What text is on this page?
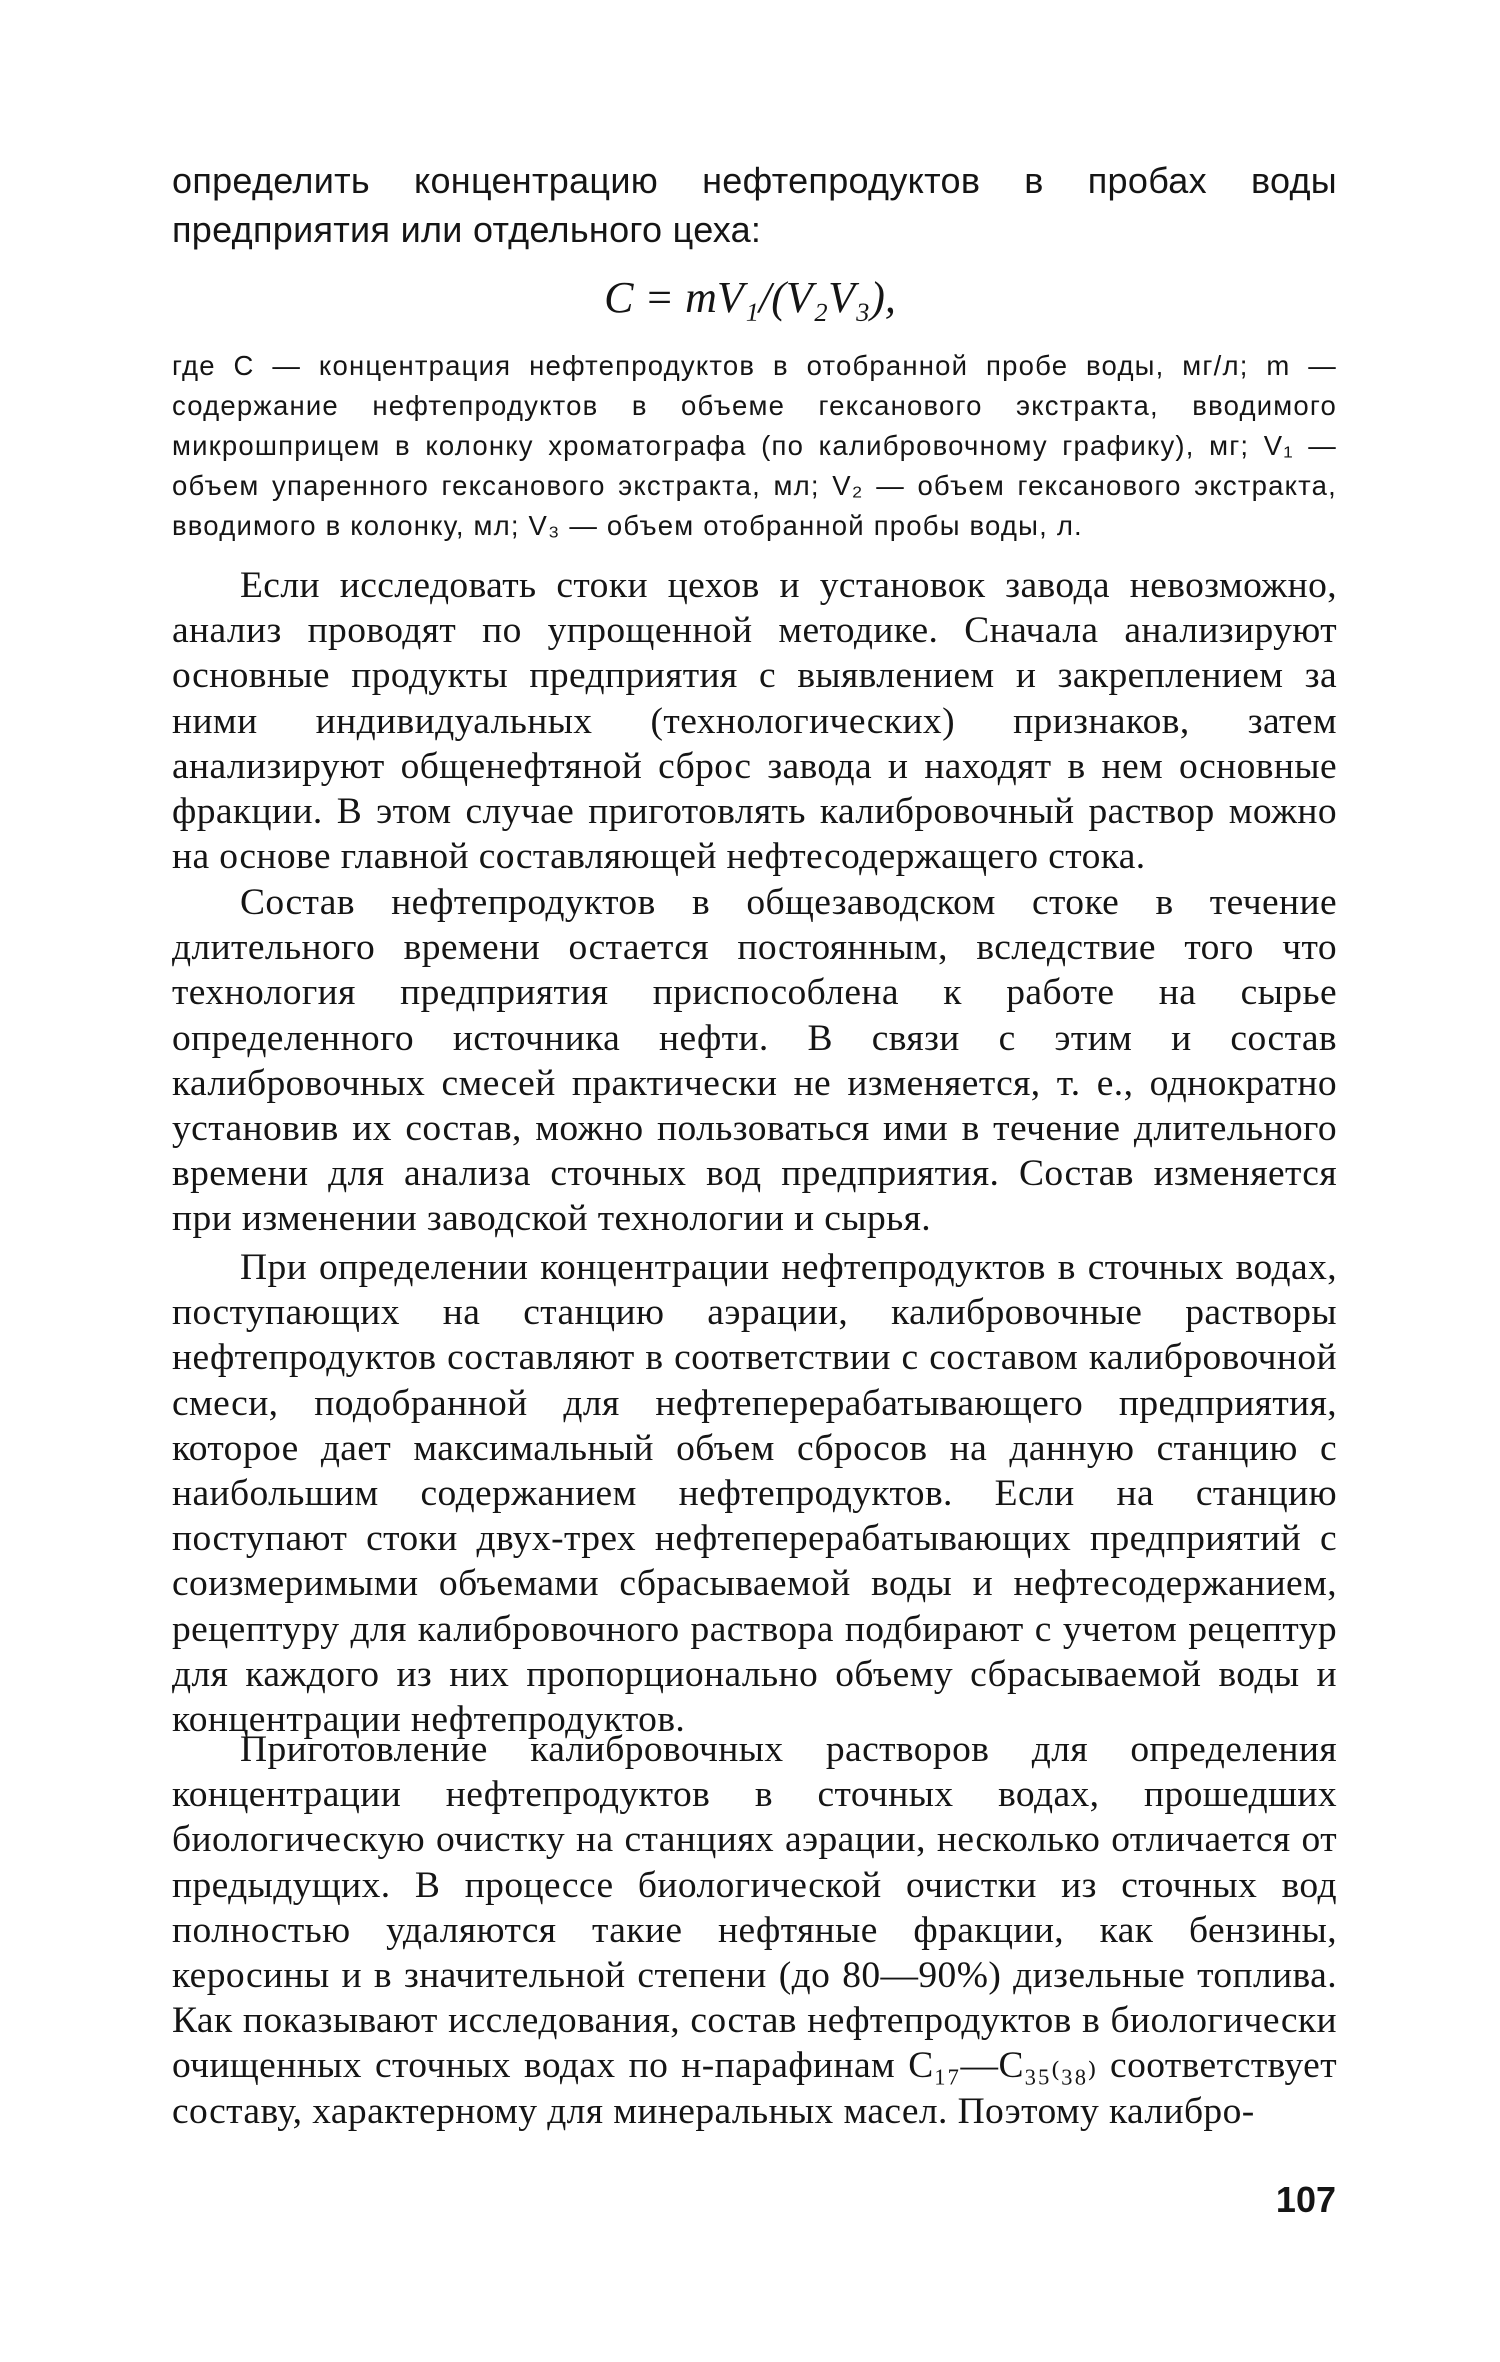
определить концентрацию нефтепродуктов в пробах воды предприятия или отдельного цеха:
C = mV₁/(V₂V₃),
где C — концентрация нефтепродуктов в отобранной пробе воды, мг/л; m — содержание нефтепродуктов в объеме гексанового экстракта, вводимого микрошприцем в колонку хроматографа (по калибровочному графику), мг; V₁ — объем упаренного гексанового экстракта, мл; V₂ — объем гексанового экстракта, вводимого в колонку, мл; V₃ — объем отобранной пробы воды, л.

Если исследовать стоки цехов и установок завода невозможно, анализ проводят по упрощенной методике. Сначала анализируют основные продукты предприятия с выявлением и закреплением за ними индивидуальных (технологических) признаков, затем анализируют общенефтяной сброс завода и находят в нем основные фракции. В этом случае приготовлять калибровочный раствор можно на основе главной составляющей нефтесодержащего стока.

Состав нефтепродуктов в общезаводском стоке в течение длительного времени остается постоянным, вследствие того что технология предприятия приспособлена к работе на сырье определенного источника нефти. В связи с этим и состав калибровочных смесей практически не изменяется, т. е., однократно установив их состав, можно пользоваться ими в течение длительного времени для анализа сточных вод предприятия. Состав изменяется при изменении заводской технологии и сырья.

При определении концентрации нефтепродуктов в сточных водах, поступающих на станцию аэрации, калибровочные растворы нефтепродуктов составляют в соответствии с составом калибровочной смеси, подобранной для нефтеперерабатывающего предприятия, которое дает максимальный объем сбросов на данную станцию с наибольшим содержанием нефтепродуктов. Если на станцию поступают стоки двух-трех нефтеперерабатывающих предприятий с соизмеримыми объемами сбрасываемой воды и нефтесодержанием, рецептуру для калибровочного раствора подбирают с учетом рецептур для каждого из них пропорционально объему сбрасываемой воды и концентрации нефтепродуктов.

Приготовление калибровочных растворов для определения концентрации нефтепродуктов в сточных водах, прошедших биологическую очистку на станциях аэрации, несколько отличается от предыдущих. В процессе биологической очистки из сточных вод полностью удаляются такие нефтяные фракции, как бензины, керосины и в значительной степени (до 80—90%) дизельные топлива. Как показывают исследования, состав нефтепродуктов в биологически очищенных сточных водах по н-парафинам C₁₇—C₃₅₍₃₈₎ соответствует составу, характерному для минеральных масел. Поэтому калибро-

107
